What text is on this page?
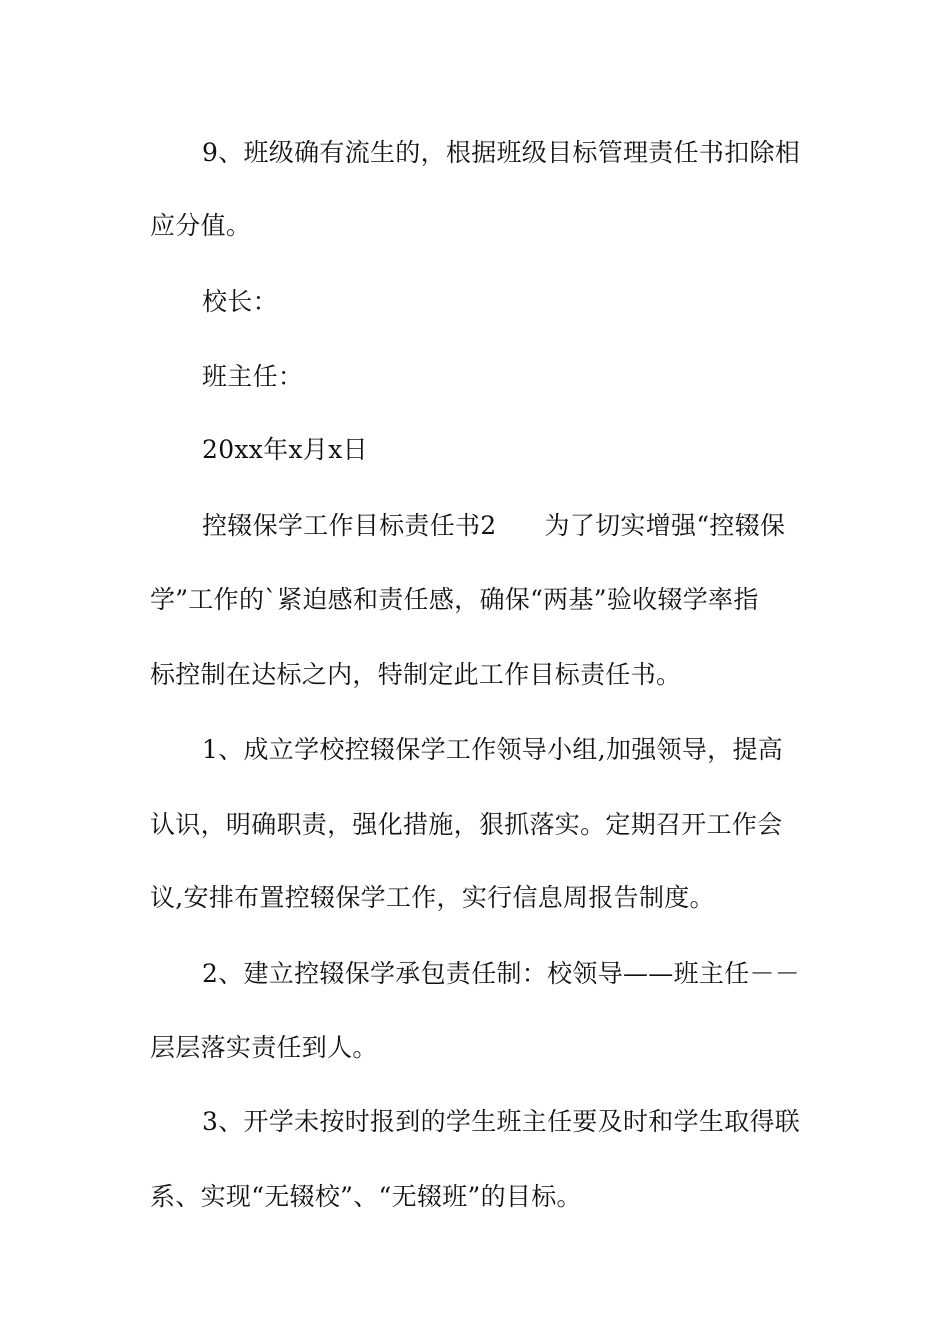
9、班级确有流生的，根据班级目标管理责任书扣除相
应分值。
校长：
班主任：
20xx年x月x日
控辍保学工作目标责任书2 为了切实增强“控辍保
学”工作的`紧迫感和责任感，确保“两基”验收辍学率指
标控制在达标之内，特制定此工作目标责任书。
1、成立学校控辍保学工作领导小组,加强领导，提高
认识，明确职责，强化措施，狠抓落实。定期召开工作会
议,安排布置控辍保学工作，实行信息周报告制度。
2、建立控辍保学承包责任制：校领导——班主任－－
层层落实责任到人。
3、开学未按时报到的学生班主任要及时和学生取得联
系、实现“无辍校”、“无辍班”的目标。
